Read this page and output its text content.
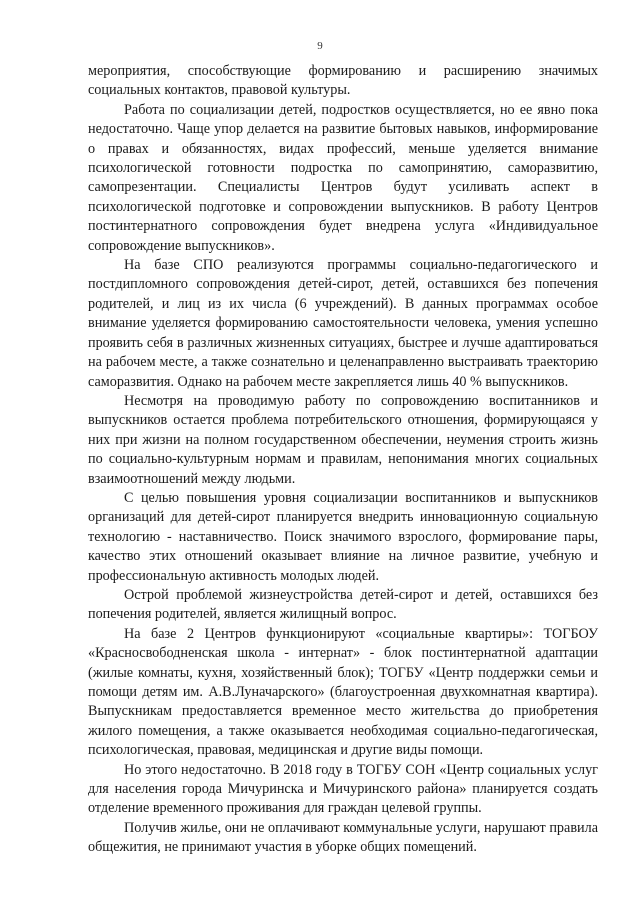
9

мероприятия, способствующие формированию и расширению значимых социальных контактов, правовой культуры.

Работа по социализации детей, подростков осуществляется, но ее явно пока недостаточно. Чаще упор делается на развитие бытовых навыков, информирование о правах и обязанностях, видах профессий, меньше уделяется внимание психологической готовности подростка по самопринятию, саморазвитию, самопрезентации. Специалисты Центров будут усиливать аспект в психологической подготовке и сопровождении выпускников. В работу Центров постинтернатного сопровождения будет внедрена услуга «Индивидуальное сопровождение выпускников».

На базе СПО реализуются программы социально-педагогического и постдипломного сопровождения детей-сирот, детей, оставшихся без попечения родителей, и лиц из их числа (6 учреждений). В данных программах особое внимание уделяется формированию самостоятельности человека, умения успешно проявить себя в различных жизненных ситуациях, быстрее и лучше адаптироваться на рабочем месте, а также сознательно и целенаправленно выстраивать траекторию саморазвития. Однако на рабочем месте закрепляется лишь 40 % выпускников.

Несмотря на проводимую работу по сопровождению воспитанников и выпускников остается проблема потребительского отношения, формирующаяся у них при жизни на полном государственном обеспечении, неумения строить жизнь по социально-культурным нормам и правилам, непонимания многих социальных взаимоотношений между людьми.

С целью повышения уровня социализации воспитанников и выпускников организаций для детей-сирот планируется внедрить инновационную социальную технологию - наставничество. Поиск значимого взрослого, формирование пары, качество этих отношений оказывает влияние на личное развитие, учебную и профессиональную активность молодых людей.

Острой проблемой жизнеустройства детей-сирот и детей, оставшихся без попечения родителей, является жилищный вопрос.

На базе 2 Центров функционируют «социальные квартиры»: ТОГБОУ «Красносвободненская школа - интернат» - блок постинтернатной адаптации (жилые комнаты, кухня, хозяйственный блок); ТОГБУ «Центр поддержки семьи и помощи детям им. А.В.Луначарского» (благоустроенная двухкомнатная квартира). Выпускникам предоставляется временное место жительства до приобретения жилого помещения, а также оказывается необходимая социально-педагогическая, психологическая, правовая, медицинская и другие виды помощи.

Но этого недостаточно. В 2018 году в ТОГБУ СОН «Центр социальных услуг для населения города Мичуринска и Мичуринского района» планируется создать отделение временного проживания для граждан целевой группы.

Получив жилье, они не оплачивают коммунальные услуги, нарушают правила общежития, не принимают участия в уборке общих помещений.
